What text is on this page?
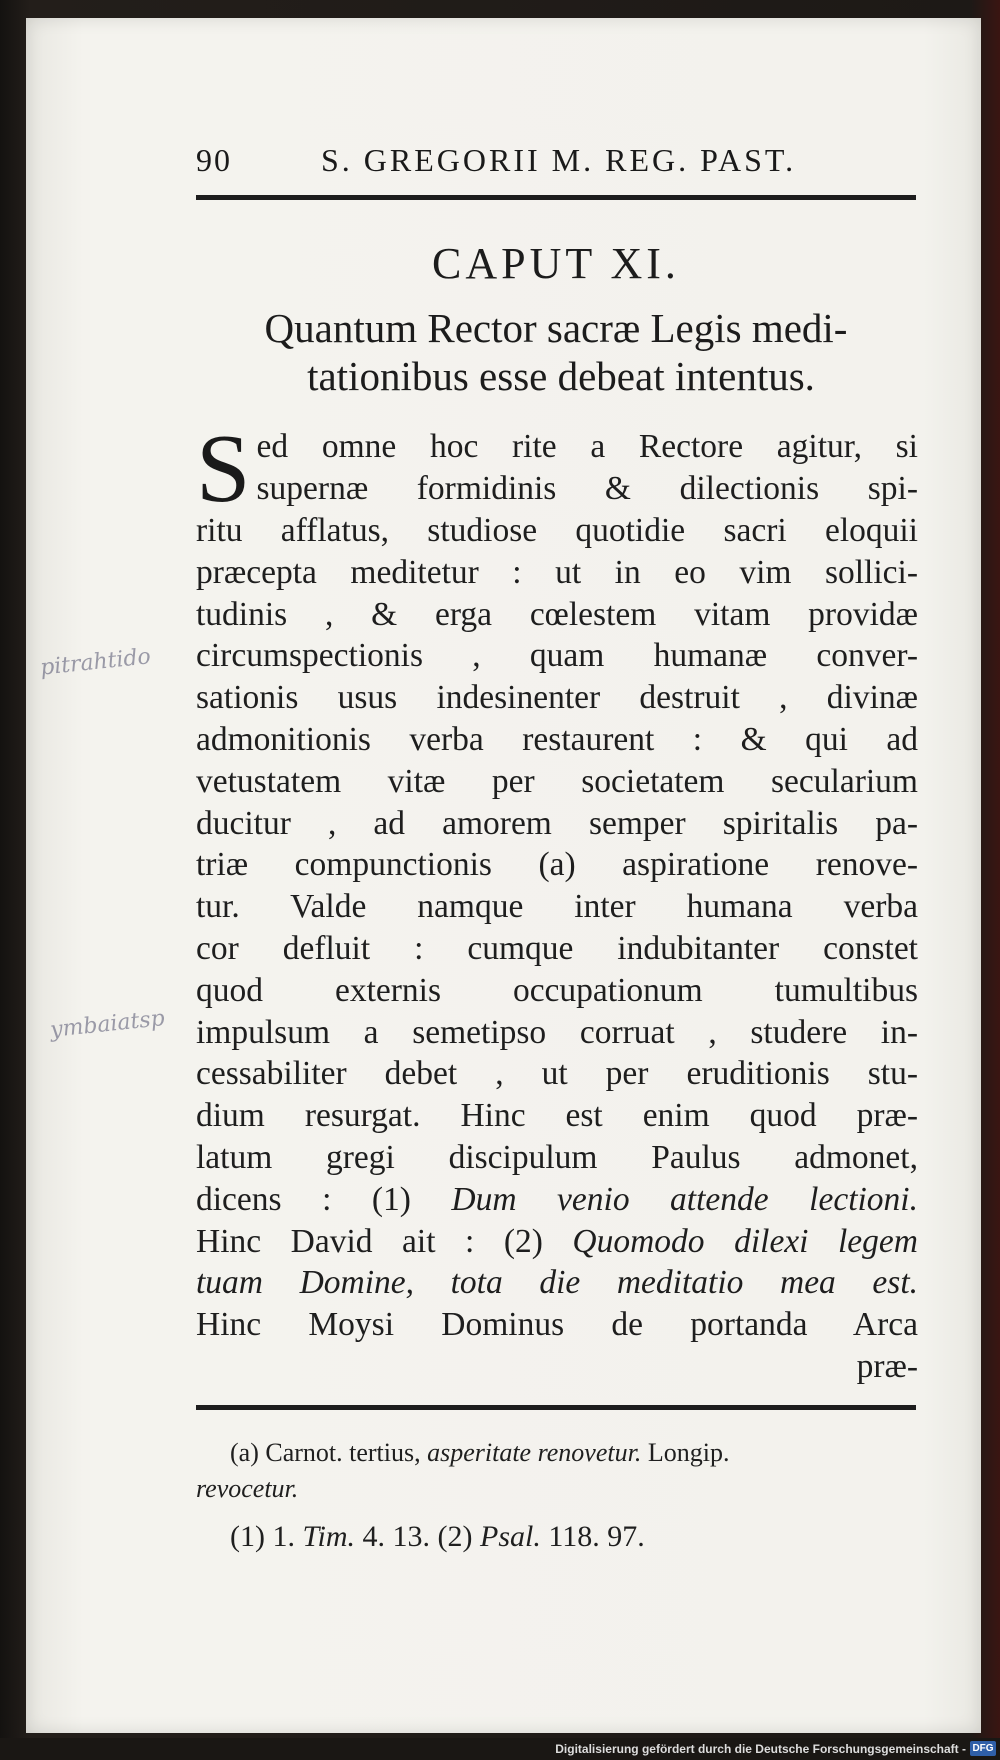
90	S. GREGORII M. REG. PAST.
CAPUT XI.
Quantum Rector sacræ Legis medi-
tationibus esse debeat intentus.
S ed omne hoc rite a Rectore agitur, si
supernæ formidinis & dilectionis spi-
ritu afflatus, studiose quotidie sacri eloquii
præcepta meditetur : ut in eo vim sollici-
tudinis , & erga cœlestem vitam providæ
circumspectionis , quam humanæ conver-
sationis usus indesinenter destruit , divinæ
admonitionis verba restaurent : & qui ad
vetustatem vitæ per societatem secularium
ducitur , ad amorem semper spiritalis pa-
triæ compunctionis (a) aspiratione renove-
tur. Valde namque inter humana verba
cor defluit : cumque indubitanter constet
quod externis occupationum tumultibus
impulsum a semetipso corruat , studere in-
cessabiliter debet , ut per eruditionis stu-
dium resurgat. Hinc est enim quod præ-
latum gregi discipulum Paulus admonet,
dicens : (1) Dum venio attende lectioni.
Hinc David ait : (2) Quomodo dilexi legem
tuam Domine, tota die meditatio mea est.
Hinc Moysi Dominus de portanda Arca
præ-
(a) Carnot. tertius, asperitate renovetur. Longip.
revocetur.
(1) 1. Tim. 4. 13. (2) Psal. 118. 97.
pitrahtido
ymbaiatsp
Digitalisierung gefördert durch die Deutsche Forschungsgemeinschaft - DFG
